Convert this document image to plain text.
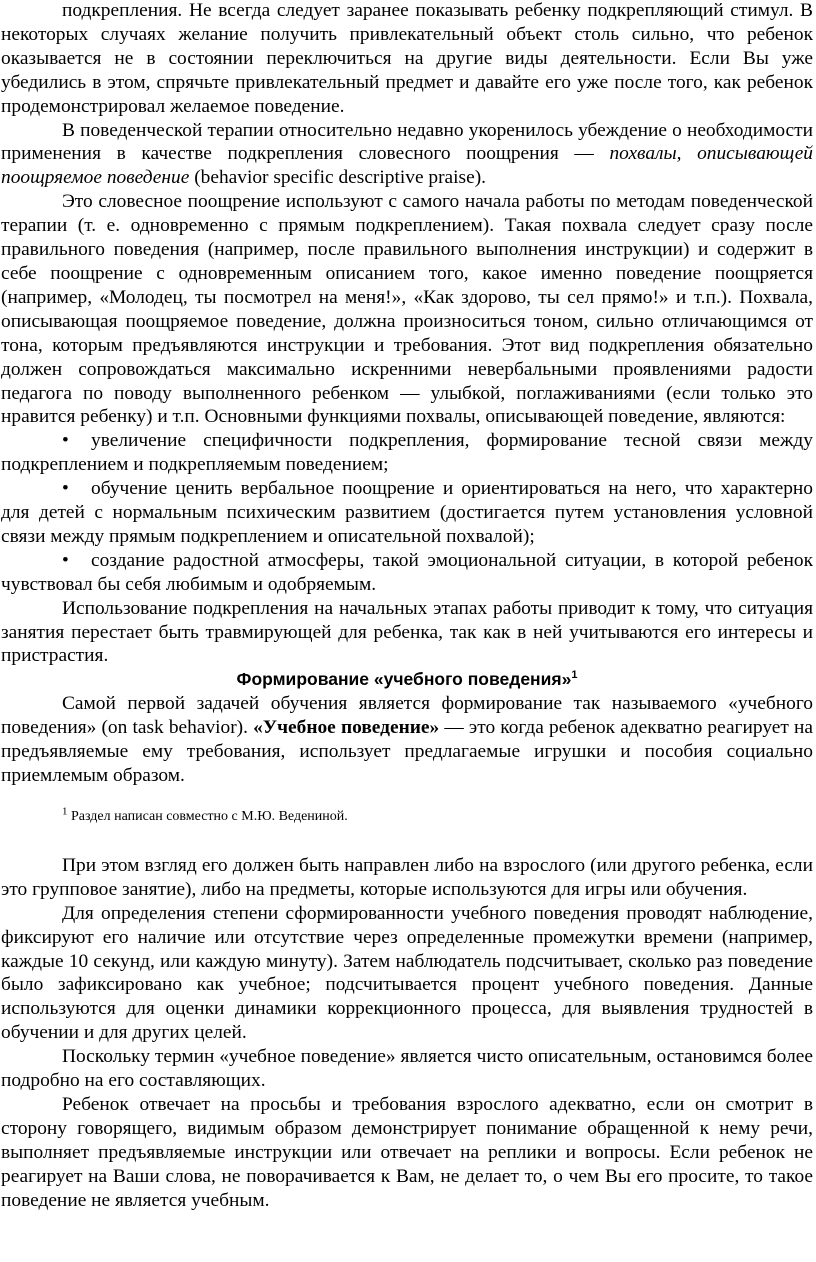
подкрепления. Не всегда следует заранее показывать ребенку подкрепляющий стимул. В некоторых случаях желание получить привлекательный объект столь сильно, что ребенок оказывается не в состоянии переключиться на другие виды деятельности. Если Вы уже убедились в этом, спрячьте привлекательный предмет и давайте его уже после того, как ребенок продемонстрировал желаемое поведение.

В поведенческой терапии относительно недавно укоренилось убеждение о необходимости применения в качестве подкрепления словесного поощрения — похвалы, описывающей поощряемое поведение (behavior specific descriptive praise).

Это словесное поощрение используют с самого начала работы по методам поведенческой терапии (т. е. одновременно с прямым подкреплением). Такая похвала следует сразу после правильного поведения (например, после правильного выполнения инструкции) и содержит в себе поощрение с одновременным описанием того, какое именно поведение поощряется (например, «Молодец, ты посмотрел на меня!», «Как здорово, ты сел прямо!» и т.п.). Похвала, описывающая поощряемое поведение, должна произноситься тоном, сильно отличающимся от тона, которым предъявляются инструкции и требования. Этот вид подкрепления обязательно должен сопровождаться максимально искренними невербальными проявлениями радости педагога по поводу выполненного ребенком — улыбкой, поглаживаниями (если только это нравится ребенку) и т.п. Основными функциями похвалы, описывающей поведение, являются:

• увеличение специфичности подкрепления, формирование тесной связи между подкреплением и подкрепляемым поведением;

• обучение ценить вербальное поощрение и ориентироваться на него, что характерно для детей с нормальным психическим развитием (достигается путем установления условной связи между прямым подкреплением и описательной похвалой);

• создание радостной атмосферы, такой эмоциональной ситуации, в которой ребенок чувствовал бы себя любимым и одобряемым.

Использование подкрепления на начальных этапах работы приводит к тому, что ситуация занятия перестает быть травмирующей для ребенка, так как в ней учитываются его интересы и пристрастия.

Формирование «учебного поведения»$^1$

Самой первой задачей обучения является формирование так называемого «учебного поведения» (on task behavior). «Учебное поведение» — это когда ребенок адекватно реагирует на предъявляемые ему требования, использует предлагаемые игрушки и пособия социально приемлемым образом.

$^1$ Раздел написан совместно с М.Ю. Ведениной.

При этом взгляд его должен быть направлен либо на взрослого (или другого ребенка, если это групповое занятие), либо на предметы, которые используются для игры или обучения.

Для определения степени сформированности учебного поведения проводят наблюдение, фиксируют его наличие или отсутствие через определенные промежутки времени (например, каждые 10 секунд, или каждую минуту). Затем наблюдатель подсчитывает, сколько раз поведение было зафиксировано как учебное; подсчитывается процент учебного поведения. Данные используются для оценки динамики коррекционного процесса, для выявления трудностей в обучении и для других целей.

Поскольку термин «учебное поведение» является чисто описательным, остановимся более подробно на его составляющих.

Ребенок отвечает на просьбы и требования взрослого адекватно, если он смотрит в сторону говорящего, видимым образом демонстрирует понимание обращенной к нему речи, выполняет предъявляемые инструкции или отвечает на реплики и вопросы. Если ребенок не реагирует на Ваши слова, не поворачивается к Вам, не делает то, о чем Вы его просите, то такое поведение не является учебным.
